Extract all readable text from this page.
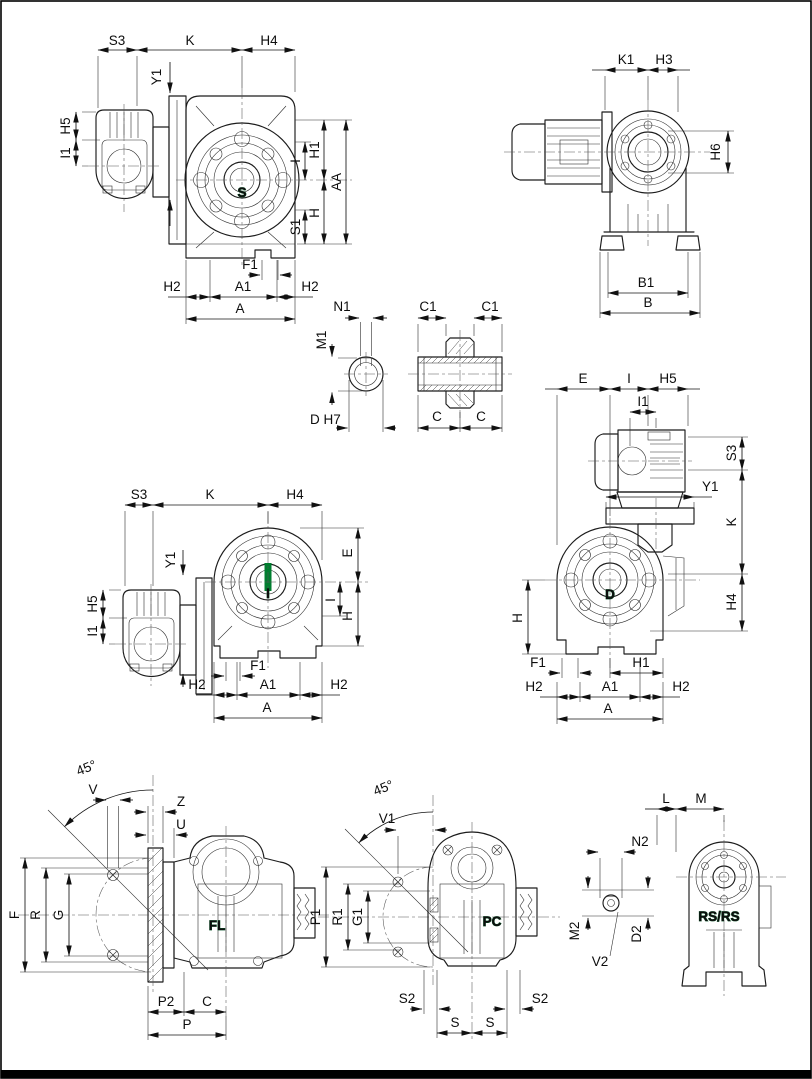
S
S3	K	H4
Y1
H5
I1
I
S1
H1
H
AA
F1
H2	A1	H2
A
K1 H3
H6
B1
B
N1
M1
D H7
C1	C1
C	C
I
S3	K	H4
Y1
H5
I1
E
I
H
F1
H2	A1	H2
A
D
E	I H5
I1
S3
K
H4
Y1
H
F1	H1
H2	A1	H2
A
FL
45°
V
Z
U
F R G
P2 C
P
PC
45°
V1
P1 R1 G1
S2	S2
S S
RS/RS
L M
N2
M2	D2
V2
